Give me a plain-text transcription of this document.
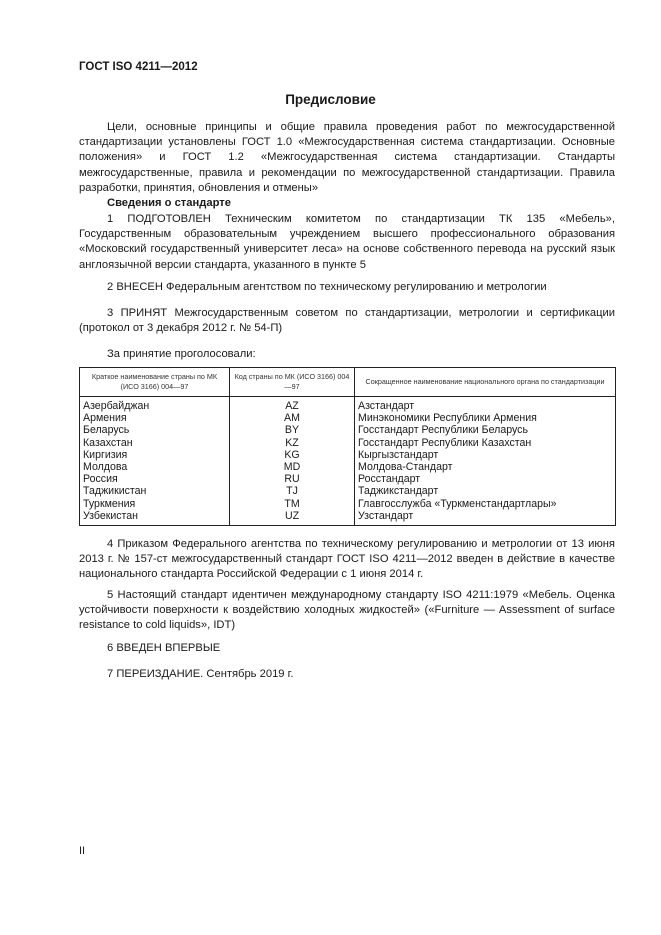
ГОСТ ISO 4211—2012
Предисловие

Цели, основные принципы и общие правила проведения работ по межгосударственной стандартизации установлены ГОСТ 1.0 «Межгосударственная система стандартизации. Основные положения» и ГОСТ 1.2 «Межгосударственная система стандартизации. Стандарты межгосударственные, правила и рекомендации по межгосударственной стандартизации. Правила разработки, принятия, обновления и отмены»

Сведения о стандарте

1 ПОДГОТОВЛЕН Техническим комитетом по стандартизации ТК 135 «Мебель», Государственным образовательным учреждением высшего профессионального образования «Московский государственный университет леса» на основе собственного перевода на русский язык англоязычной версии стандарта, указанного в пункте 5

2 ВНЕСЕН Федеральным агентством по техническому регулированию и метрологии

3 ПРИНЯТ Межгосударственным советом по стандартизации, метрологии и сертификации (протокол от 3 декабря 2012 г. № 54-П)

За принятие проголосовали:
Краткое наименование страны по МК (ИСО 3166) 004—97	Код страны по МК (ИСО 3166) 004—97	Сокращенное наименование национального органа по стандартизации
Азербайджан	AZ	Азстандарт
Армения	AM	Минэкономики Республики Армения
Беларусь	BY	Госстандарт Республики Беларусь
Казахстан	KZ	Госстандарт Республики Казахстан
Киргизия	KG	Кыргызстандарт
Молдова	MD	Молдова-Стандарт
Россия	RU	Росстандарт
Таджикистан	TJ	Таджикстандарт
Туркмения	TM	Главгосслужба «Туркменстандартлары»
Узбекистан	UZ	Узстандарт

4 Приказом Федерального агентства по техническому регулированию и метрологии от 13 июня 2013 г. № 157-ст межгосударственный стандарт ГОСТ ISO 4211—2012 введен в действие в качестве национального стандарта Российской Федерации с 1 июня 2014 г.

5 Настоящий стандарт идентичен международному стандарту ISO 4211:1979 «Мебель. Оценка устойчивости поверхности к воздействию холодных жидкостей» («Furniture — Assessment of surface resistance to cold liquids», IDT)

6 ВВЕДЕН ВПЕРВЫЕ

7 ПЕРЕИЗДАНИЕ. Сентябрь 2019 г.

II
